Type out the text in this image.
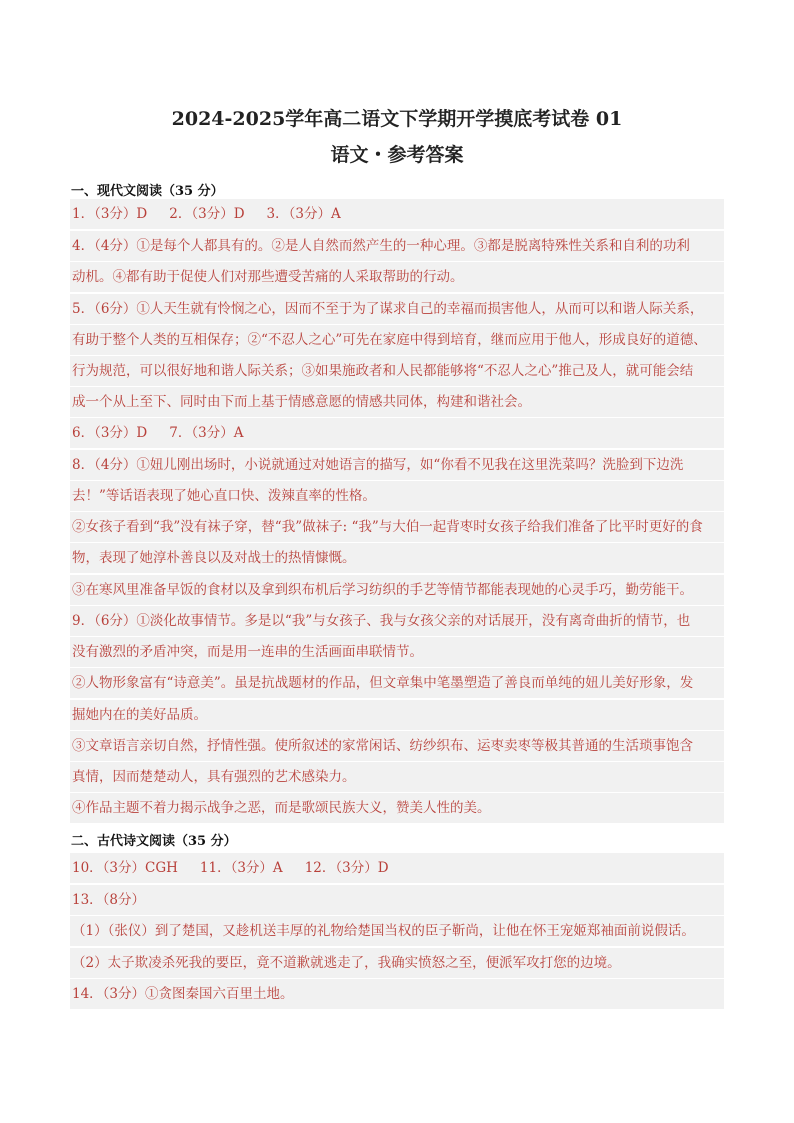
2024-2025学年高二语文下学期开学摸底考试卷 01
语文・参考答案
一、现代文阅读（35 分）
1．（3分）D 2．（3分）D 3．（3分）A
4．（4分）①是每个人都具有的。②是人自然而然产生的一种心理。③都是脱离特殊性关系和自利的功利
动机。④都有助于促使人们对那些遭受苦痛的人采取帮助的行动。
5．（6分）①人天生就有怜悯之心，因而不至于为了谋求自己的幸福而损害他人，从而可以和谐人际关系，
有助于整个人类的互相保存；②“不忍人之心”可先在家庭中得到培育，继而应用于他人，形成良好的道德、
行为规范，可以很好地和谐人际关系；③如果施政者和人民都能够将“不忍人之心”推己及人，就可能会结
成一个从上至下、同时由下而上基于情感意愿的情感共同体，构建和谐社会。
6．（3分）D 7．（3分）A
8．（4分）①妞儿刚出场时，小说就通过对她语言的描写，如“你看不见我在这里洗菜吗？洗脸到下边洗
去！”等话语表现了她心直口快、泼辣直率的性格。
②女孩子看到“我”没有袜子穿，替“我”做袜子: “我”与大伯一起背枣时女孩子给我们准备了比平时更好的食
物，表现了她淳朴善良以及对战士的热情慷慨。
③在寒风里准备早饭的食材以及拿到织布机后学习纺织的手艺等情节都能表现她的心灵手巧，勤劳能干。
9．（6分）①淡化故事情节。多是以“我”与女孩子、我与女孩父亲的对话展开，没有离奇曲折的情节，也
没有激烈的矛盾冲突，而是用一连串的生活画面串联情节。
②人物形象富有“诗意美”。虽是抗战题材的作品，但文章集中笔墨塑造了善良而单纯的妞儿美好形象，发
掘她内在的美好品质。
③文章语言亲切自然，抒情性强。使所叙述的家常闲话、纺纱织布、运枣卖枣等极其普通的生活琐事饱含
真情，因而楚楚动人，具有强烈的艺术感染力。
④作品主题不着力揭示战争之恶，而是歌颂民族大义，赞美人性的美。
二、古代诗文阅读（35 分）
10．（3分）CGH 11．（3分）A 12．（3分）D
13．（8分）
（1）（张仪）到了楚国，又趁机送丰厚的礼物给楚国当权的臣子靳尚，让他在怀王宠姬郑袖面前说假话。
（2）太子欺凌杀死我的要臣，竟不道歉就逃走了，我确实愤怒之至，便派军攻打您的边境。
14．（3分）①贪图秦国六百里土地。
